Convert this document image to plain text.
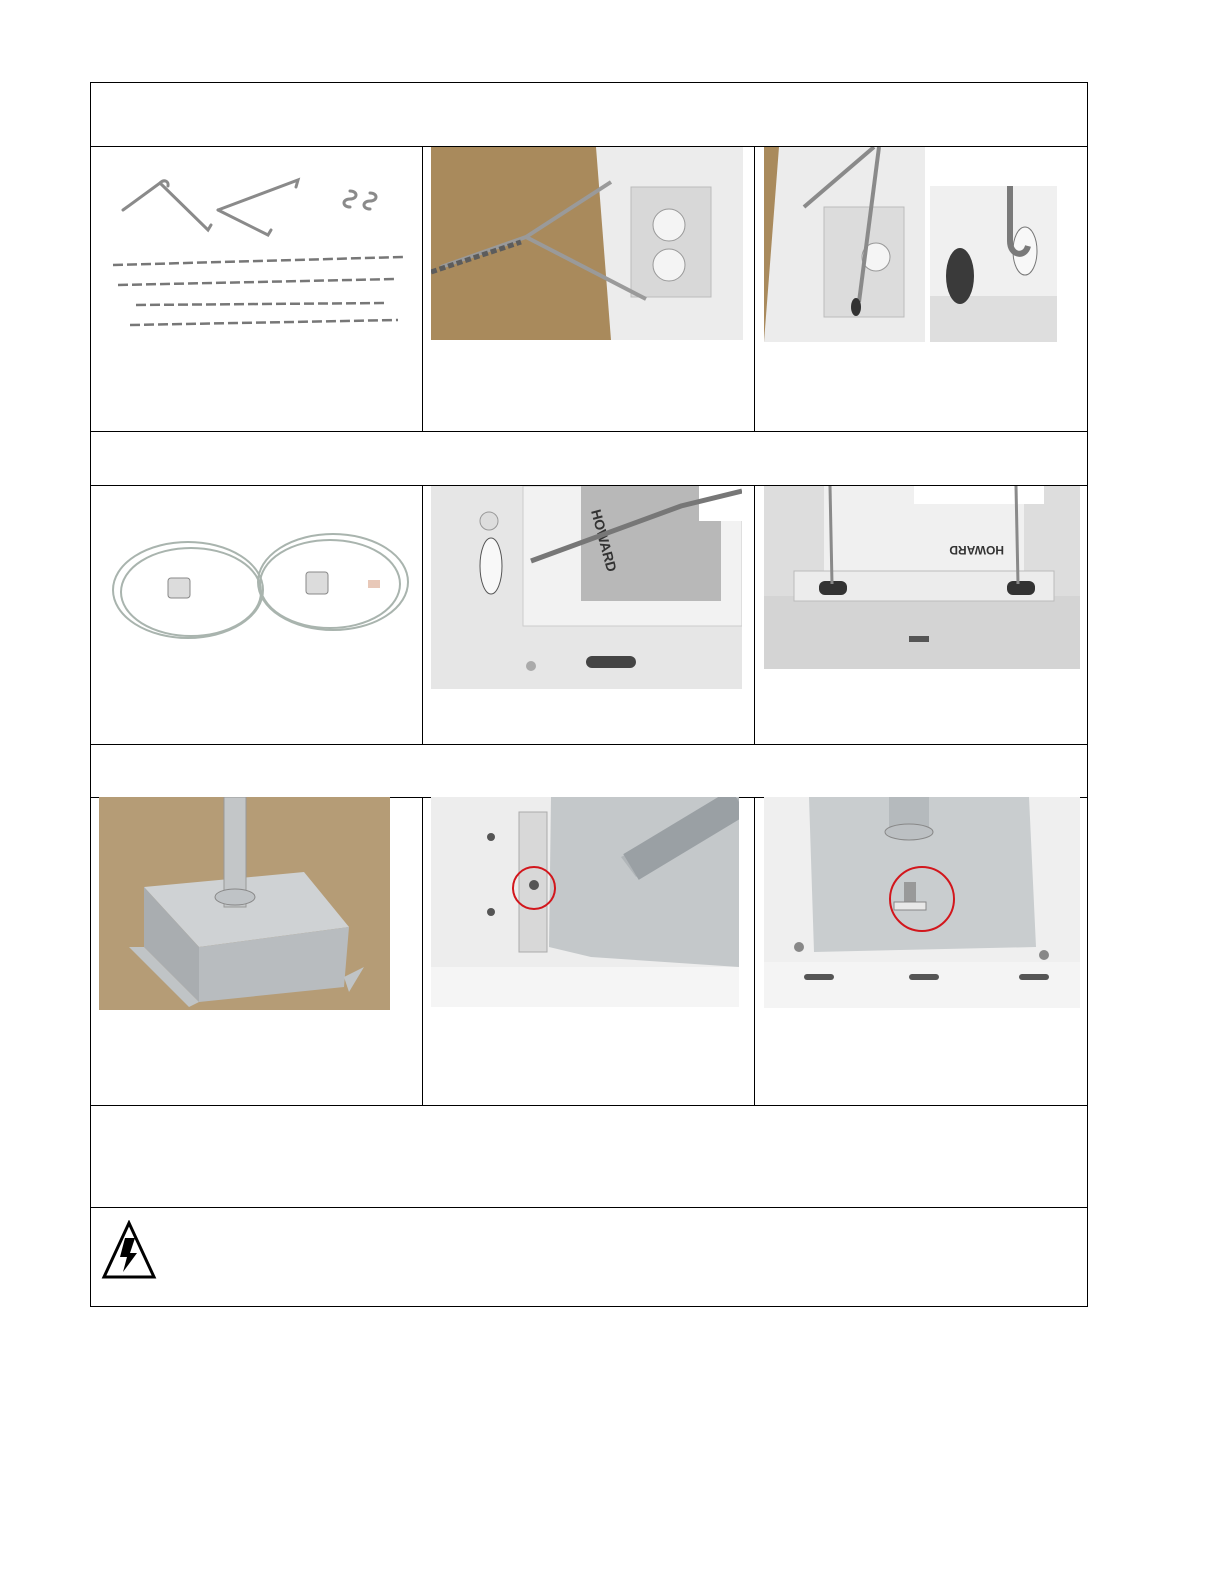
HOWARD	HOWARD
